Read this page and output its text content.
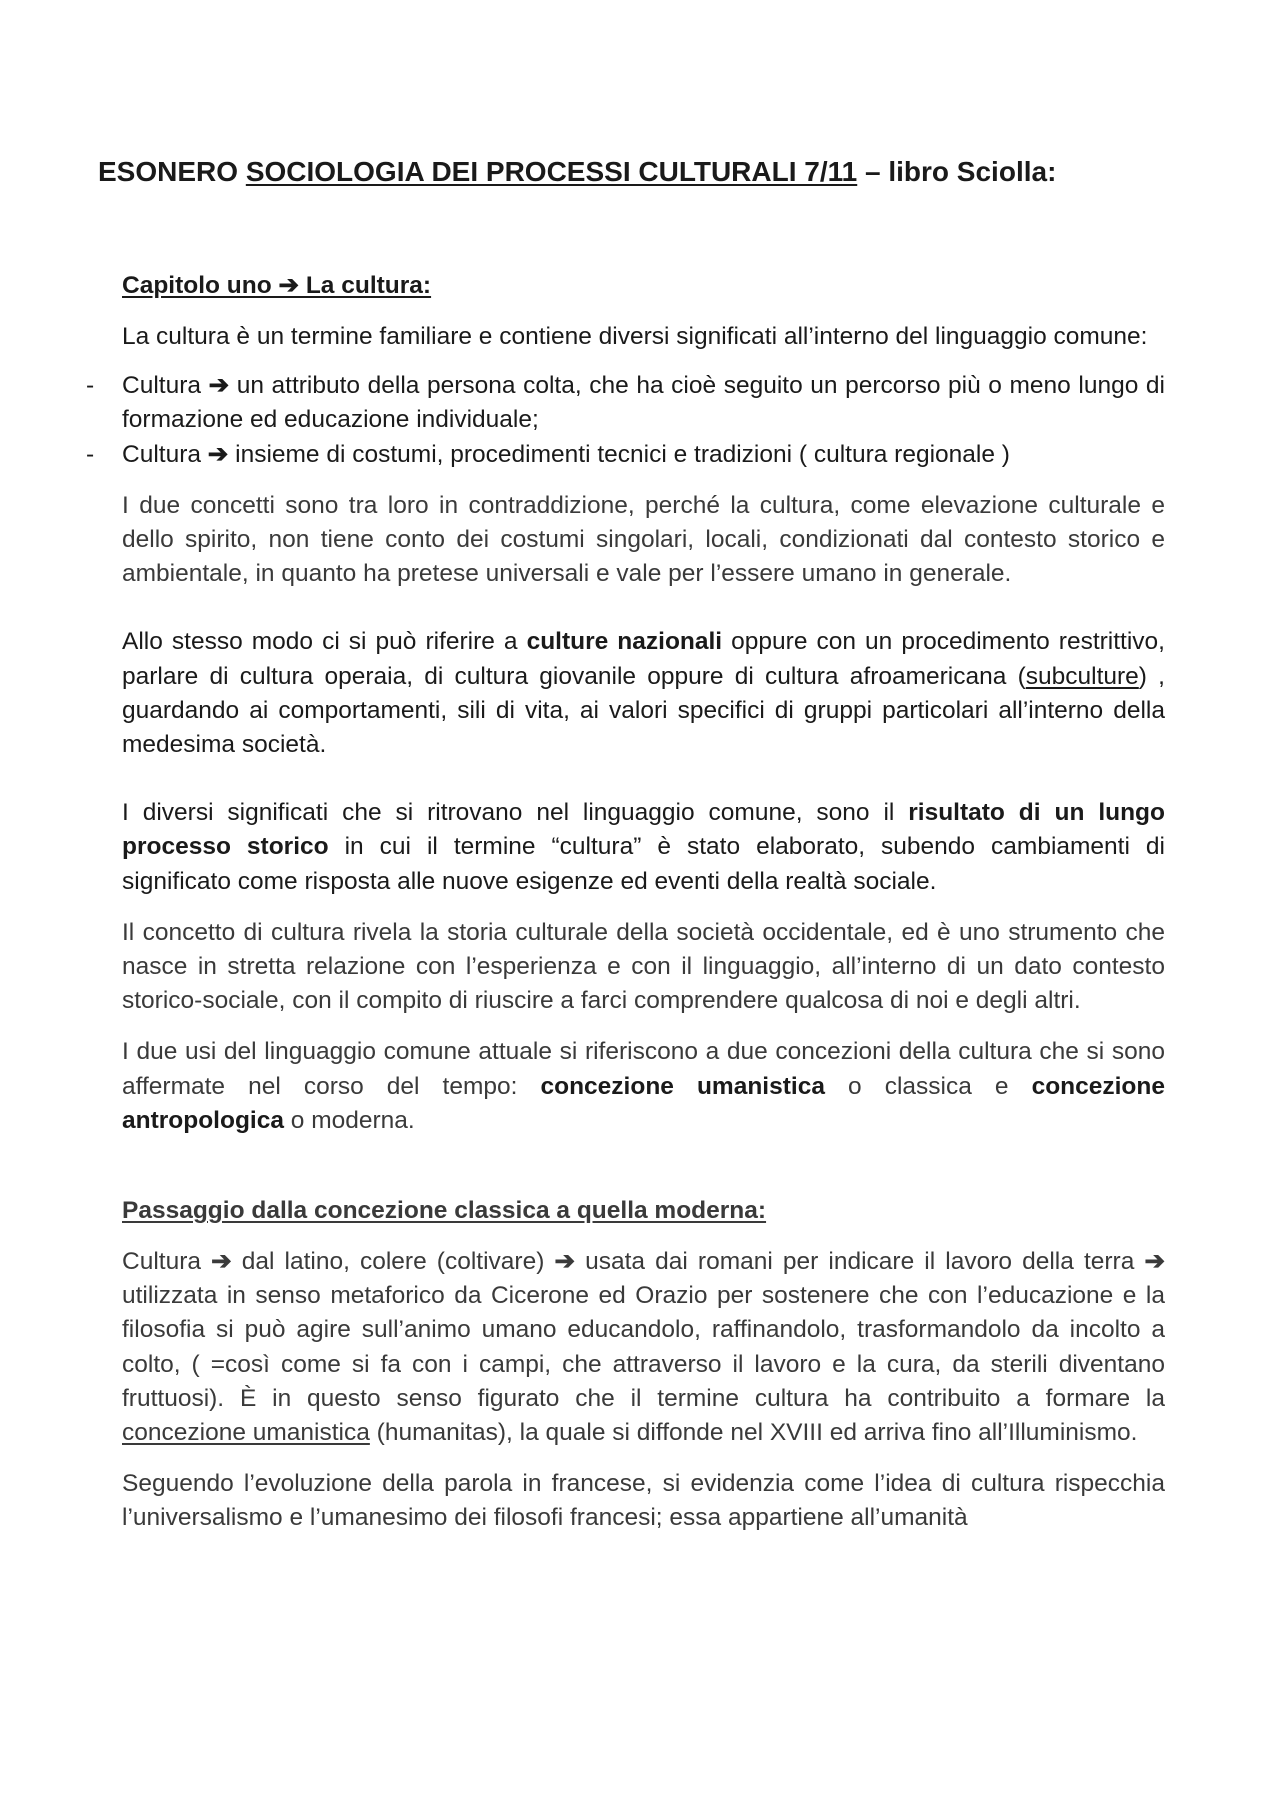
ESONERO SOCIOLOGIA DEI PROCESSI CULTURALI 7/11 – libro Sciolla:
Capitolo uno ➔ La cultura:

La cultura è un termine familiare e contiene diversi significati all’interno del linguaggio comune:

- Cultura ➔ un attributo della persona colta, che ha cioè seguito un percorso più o meno lungo di formazione ed educazione individuale;
- Cultura ➔ insieme di costumi, procedimenti tecnici e tradizioni ( cultura regionale )

I due concetti sono tra loro in contraddizione, perché la cultura, come elevazione culturale e dello spirito, non tiene conto dei costumi singolari, locali, condizionati dal contesto storico e ambientale, in quanto ha pretese universali e vale per l’essere umano in generale.

Allo stesso modo ci si può riferire a culture nazionali oppure con un procedimento restrittivo, parlare di cultura operaia, di cultura giovanile oppure di cultura afroamericana (subculture) , guardando ai comportamenti, sili di vita, ai valori specifici di gruppi particolari all’interno della medesima società.

I diversi significati che si ritrovano nel linguaggio comune, sono il risultato di un lungo processo storico in cui il termine “cultura” è stato elaborato, subendo cambiamenti di significato come risposta alle nuove esigenze ed eventi della realtà sociale.

Il concetto di cultura rivela la storia culturale della società occidentale, ed è uno strumento che nasce in stretta relazione con l’esperienza e con il linguaggio, all’interno di un dato contesto storico-sociale, con il compito di riuscire a farci comprendere qualcosa di noi e degli altri.

I due usi del linguaggio comune attuale si riferiscono a due concezioni della cultura che si sono affermate nel corso del tempo: concezione umanistica o classica e concezione antropologica o moderna.

Passaggio dalla concezione classica a quella moderna:

Cultura ➔ dal latino, colere (coltivare) ➔ usata dai romani per indicare il lavoro della terra ➔ utilizzata in senso metaforico da Cicerone ed Orazio per sostenere che con l’educazione e la filosofia si può agire sull’animo umano educandolo, raffinandolo, trasformandolo da incolto a colto, ( =così come si fa con i campi, che attraverso il lavoro e la cura, da sterili diventano fruttuosi). È in questo senso figurato che il termine cultura ha contribuito a formare la concezione umanistica (humanitas), la quale si diffonde nel XVIII ed arriva fino all’Illuminismo.

Seguendo l’evoluzione della parola in francese, si evidenzia come l’idea di cultura rispecchia l’universalismo e l’umanesimo dei filosofi francesi; essa appartiene all’umanità
